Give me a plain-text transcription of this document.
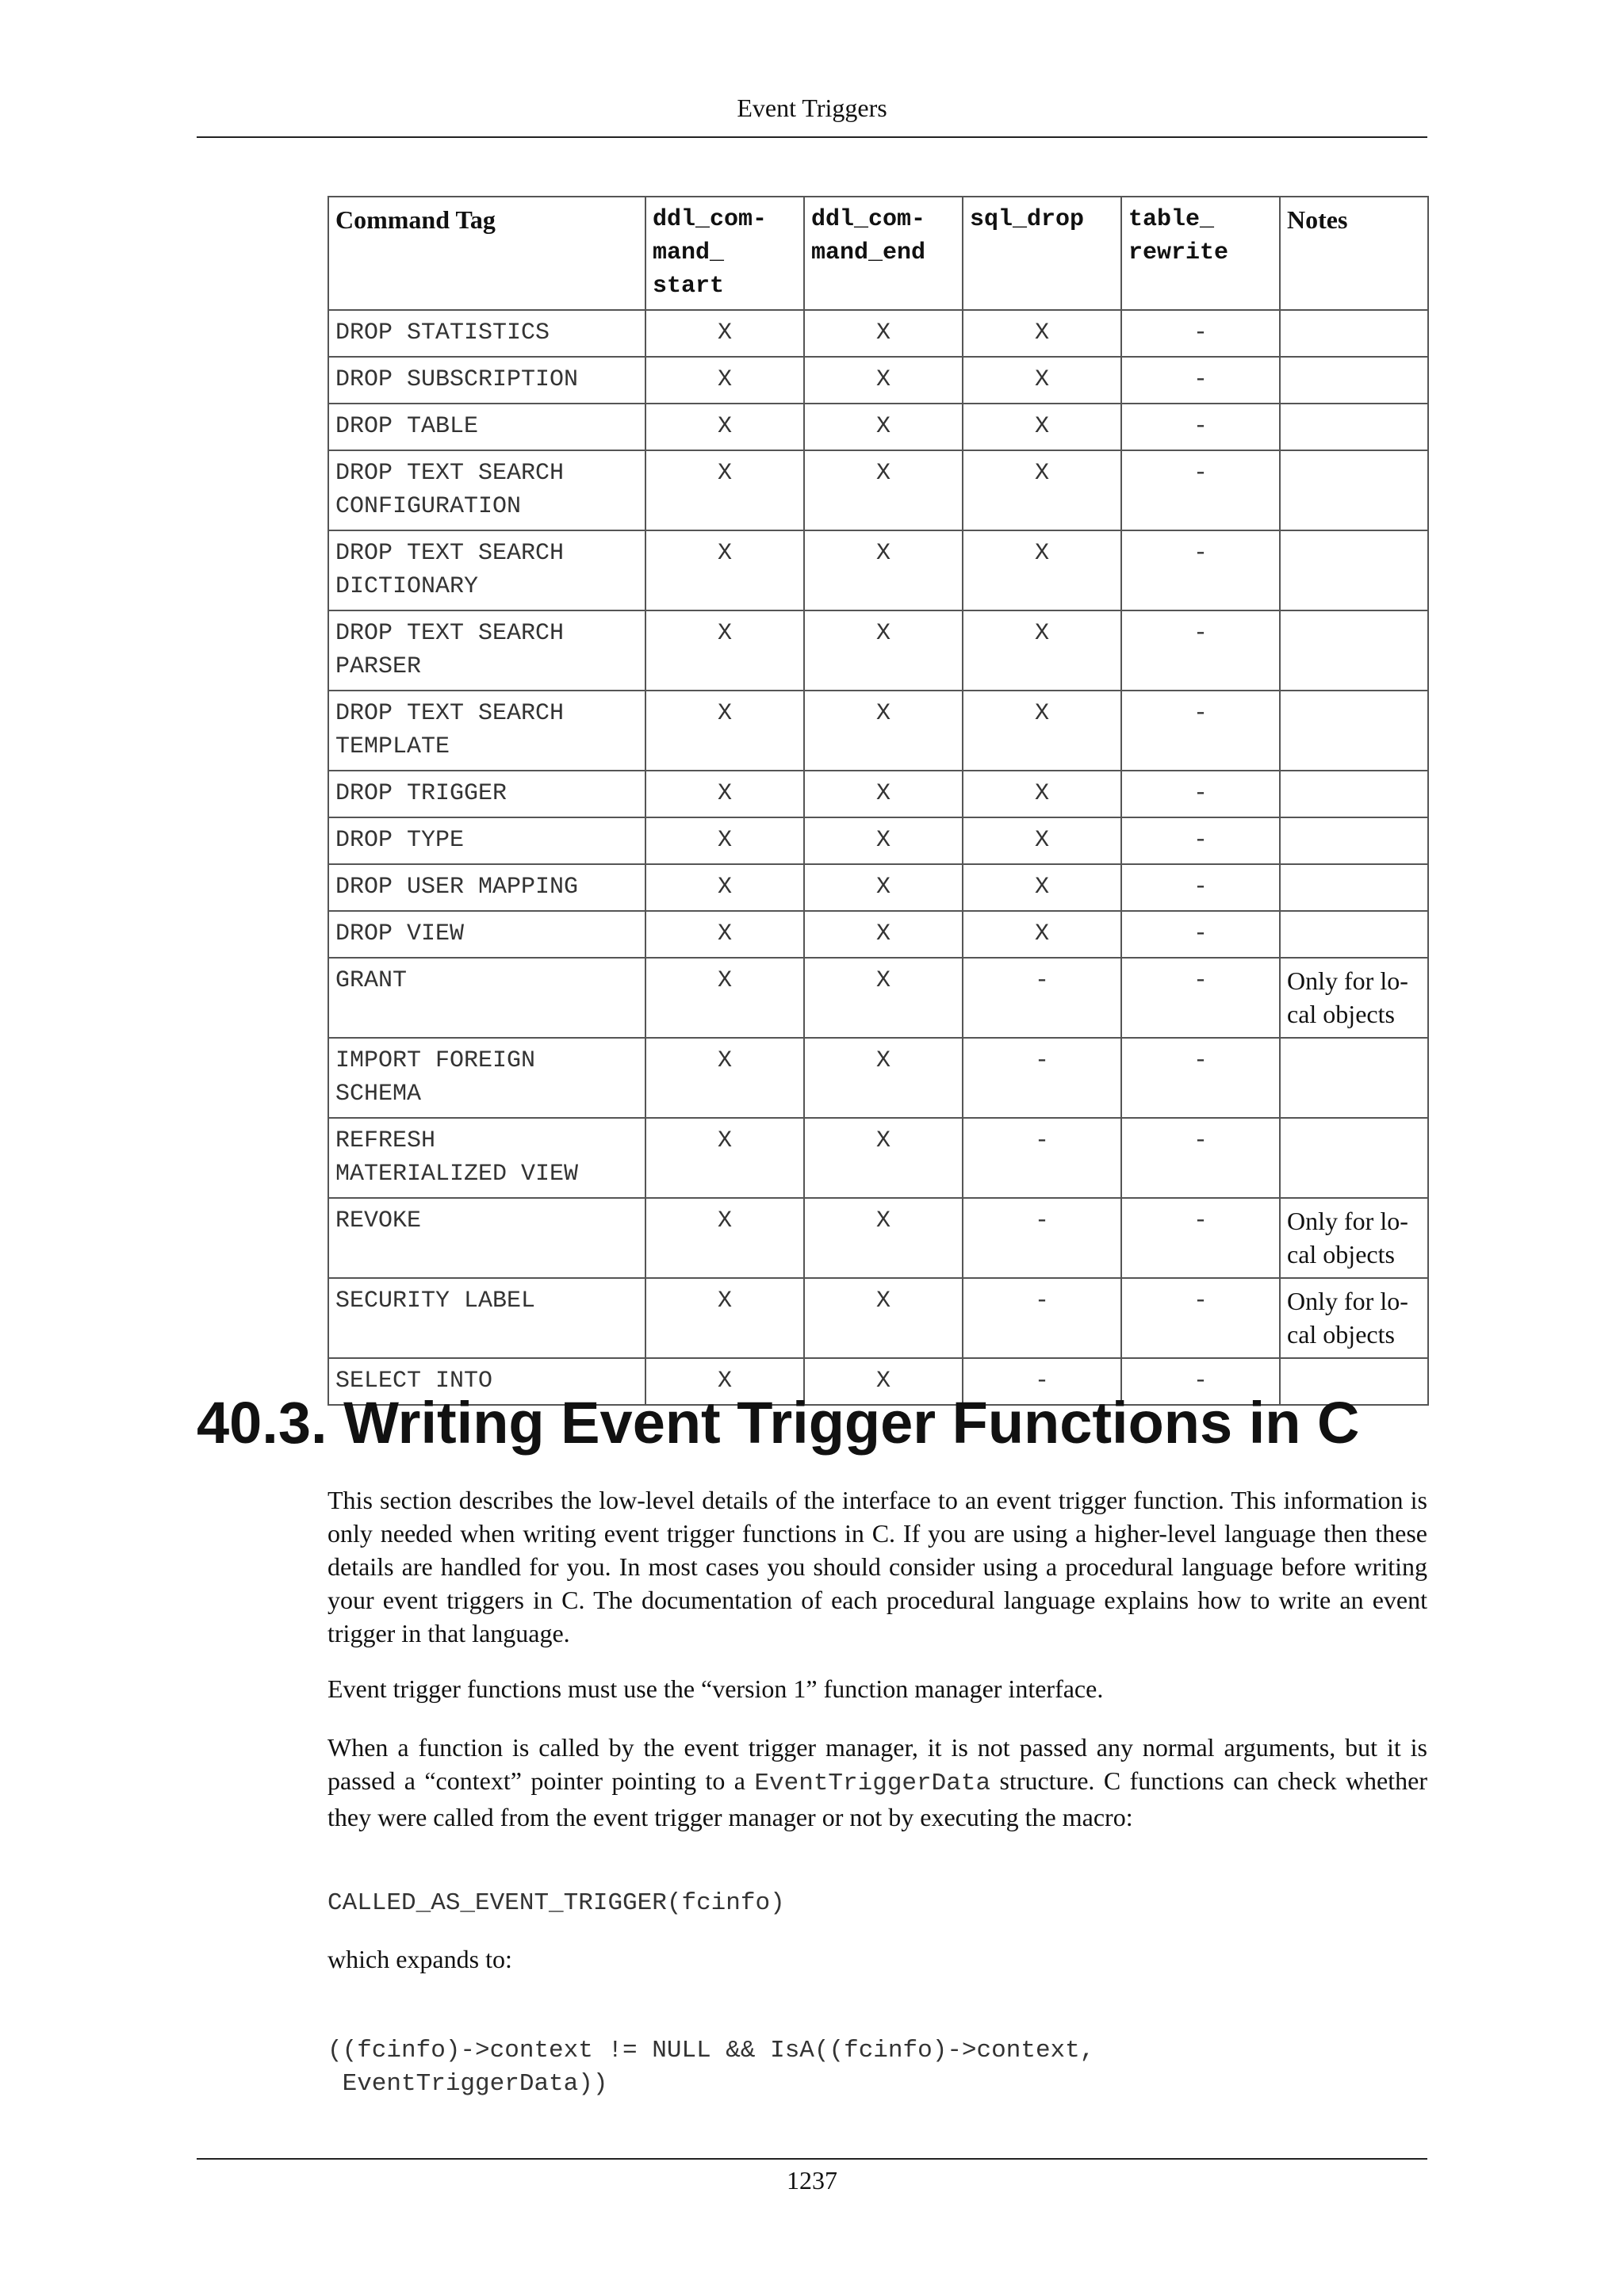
Event Triggers
Command Tag	ddl_com-
mand_
start	ddl_com-
mand_end	sql_drop	table_
rewrite	Notes
DROP STATISTICS	X	X	X	-	
DROP SUBSCRIPTION	X	X	X	-	
DROP TABLE	X	X	X	-	
DROP TEXT SEARCH
CONFIGURATION	X	X	X	-	
DROP TEXT SEARCH
DICTIONARY	X	X	X	-	
DROP TEXT SEARCH
PARSER	X	X	X	-	
DROP TEXT SEARCH
TEMPLATE	X	X	X	-	
DROP TRIGGER	X	X	X	-	
DROP TYPE	X	X	X	-	
DROP USER MAPPING	X	X	X	-	
DROP VIEW	X	X	X	-	
GRANT	X	X	-	-	Only for lo-
cal objects
IMPORT FOREIGN
SCHEMA	X	X	-	-	
REFRESH
MATERIALIZED VIEW	X	X	-	-	
REVOKE	X	X	-	-	Only for lo-
cal objects
SECURITY LABEL	X	X	-	-	Only for lo-
cal objects
SELECT INTO	X	X	-	-	
40.3. Writing Event Trigger Functions in C

This section describes the low-level details of the interface to an event trigger function. This information is only needed when writing event trigger functions in C. If you are using a higher-level language then these details are handled for you. In most cases you should consider using a procedural language before writing your event triggers in C. The documentation of each procedural language explains how to write an event trigger in that language.

Event trigger functions must use the “version 1” function manager interface.

When a function is called by the event trigger manager, it is not passed any normal arguments, but it is passed a “context” pointer pointing to a EventTriggerData structure. C functions can check whether they were called from the event trigger manager or not by executing the macro:

CALLED_AS_EVENT_TRIGGER(fcinfo)

which expands to:

((fcinfo)->context != NULL && IsA((fcinfo)->context,
EventTriggerData))
1237
